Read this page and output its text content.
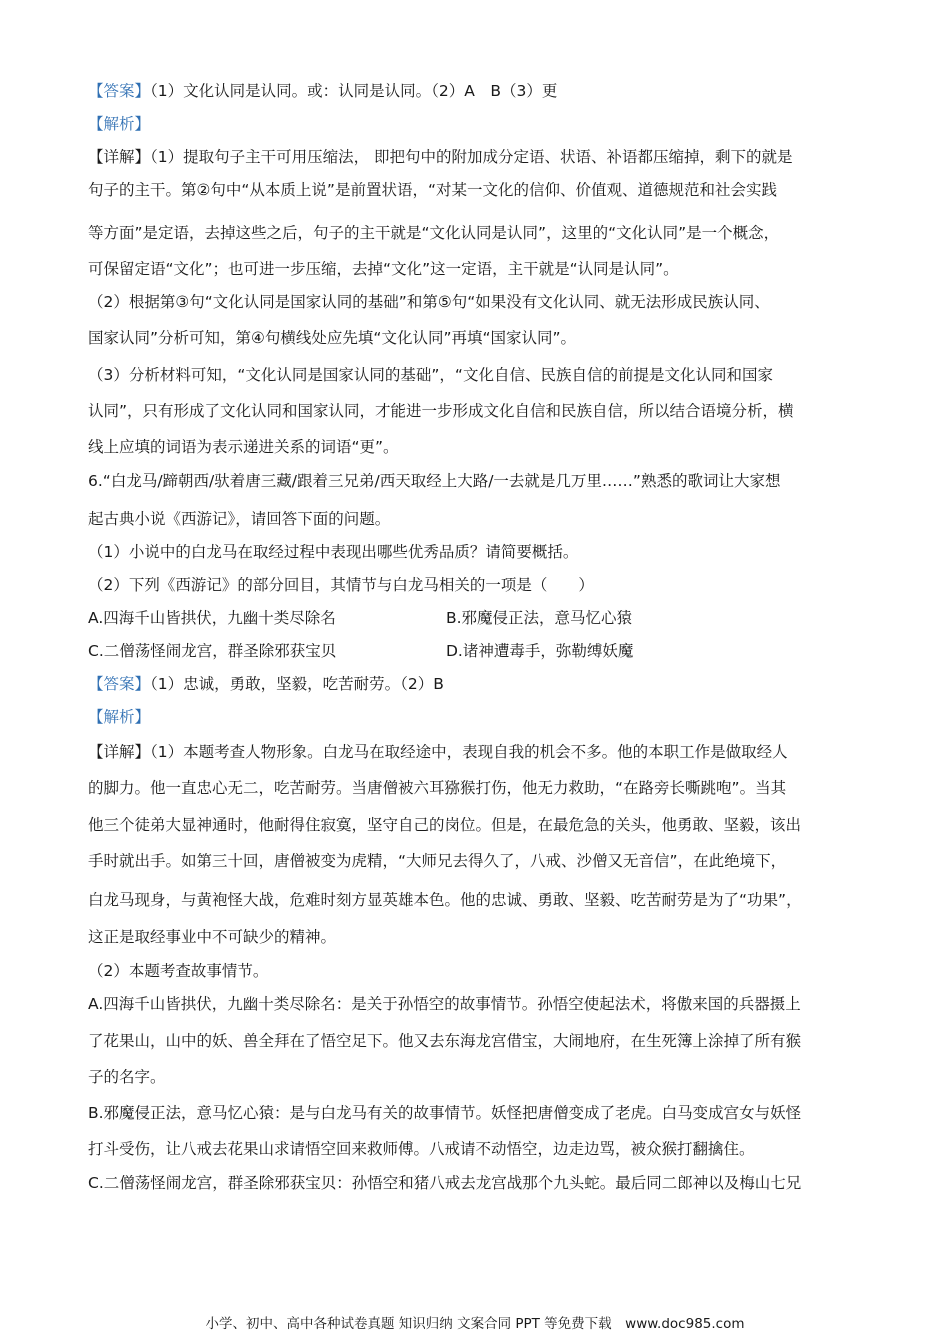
【答案】（1）文化认同是认同。或：认同是认同。（2）A　B（3）更
【解析】
【详解】（1）提取句子主干可用压缩法， 即把句中的附加成分定语、状语、补语都压缩掉，剩下的就是
句子的主干。第②句中“从本质上说”是前置状语，“对某一文化的信仰、价值观、道德规范和社会实践
等方面”是定语，去掉这些之后，句子的主干就是“文化认同是认同”，这里的“文化认同”是一个概念，
可保留定语“文化”；也可进一步压缩，去掉“文化”这一定语，主干就是“认同是认同”。
（2）根据第③句“文化认同是国家认同的基础”和第⑤句“如果没有文化认同、就无法形成民族认同、
国家认同”分析可知，第④句横线处应先填“文化认同”再填“国家认同”。
（3）分析材料可知，“文化认同是国家认同的基础”，“文化自信、民族自信的前提是文化认同和国家
认同”，只有形成了文化认同和国家认同，才能进一步形成文化自信和民族自信，所以结合语境分析，横
线上应填的词语为表示递进关系的词语“更”。
6.“白龙马/蹄朝西/驮着唐三藏/跟着三兄弟/西天取经上大路/一去就是几万里……”熟悉的歌词让大家想
起古典小说《西游记》，请回答下面的问题。
（1）小说中的白龙马在取经过程中表现出哪些优秀品质？请简要概括。
（2）下列《西游记》的部分回目，其情节与白龙马相关的一项是（　　）
A.四海千山皆拱伏，九幽十类尽除名	B.邪魔侵正法，意马忆心猿
C.二僧荡怪闹龙宫，群圣除邪获宝贝	D.诸神遭毒手，弥勒缚妖魔
【答案】（1）忠诚，勇敢，坚毅，吃苦耐劳。（2）B
【解析】
【详解】（1）本题考查人物形象。白龙马在取经途中，表现自我的机会不多。他的本职工作是做取经人
的脚力。他一直忠心无二，吃苦耐劳。当唐僧被六耳猕猴打伤，他无力救助，“在路旁长嘶跳咆”。当其
他三个徒弟大显神通时，他耐得住寂寞，坚守自己的岗位。但是，在最危急的关头，他勇敢、坚毅，该出
手时就出手。如第三十回，唐僧被变为虎精，“大师兄去得久了，八戒、沙僧又无音信”，在此绝境下，
白龙马现身，与黄袍怪大战，危难时刻方显英雄本色。他的忠诚、勇敢、坚毅、吃苦耐劳是为了“功果”，
这正是取经事业中不可缺少的精神。
（2）本题考查故事情节。
A.四海千山皆拱伏，九幽十类尽除名：是关于孙悟空的故事情节。孙悟空使起法术，将傲来国的兵器摄上
了花果山，山中的妖、兽全拜在了悟空足下。他又去东海龙宫借宝，大闹地府，在生死簿上涂掉了所有猴
子的名字。
B.邪魔侵正法，意马忆心猿：是与白龙马有关的故事情节。妖怪把唐僧变成了老虎。白马变成宫女与妖怪
打斗受伤，让八戒去花果山求请悟空回来救师傅。八戒请不动悟空，边走边骂，被众猴打翻擒住。
C.二僧荡怪闹龙宫，群圣除邪获宝贝：孙悟空和猪八戒去龙宫战那个九头蛇。最后同二郎神以及梅山七兄
小学、初中、高中各种试卷真题 知识归纳 文案合同 PPT 等免费下载　www.doc985.com
